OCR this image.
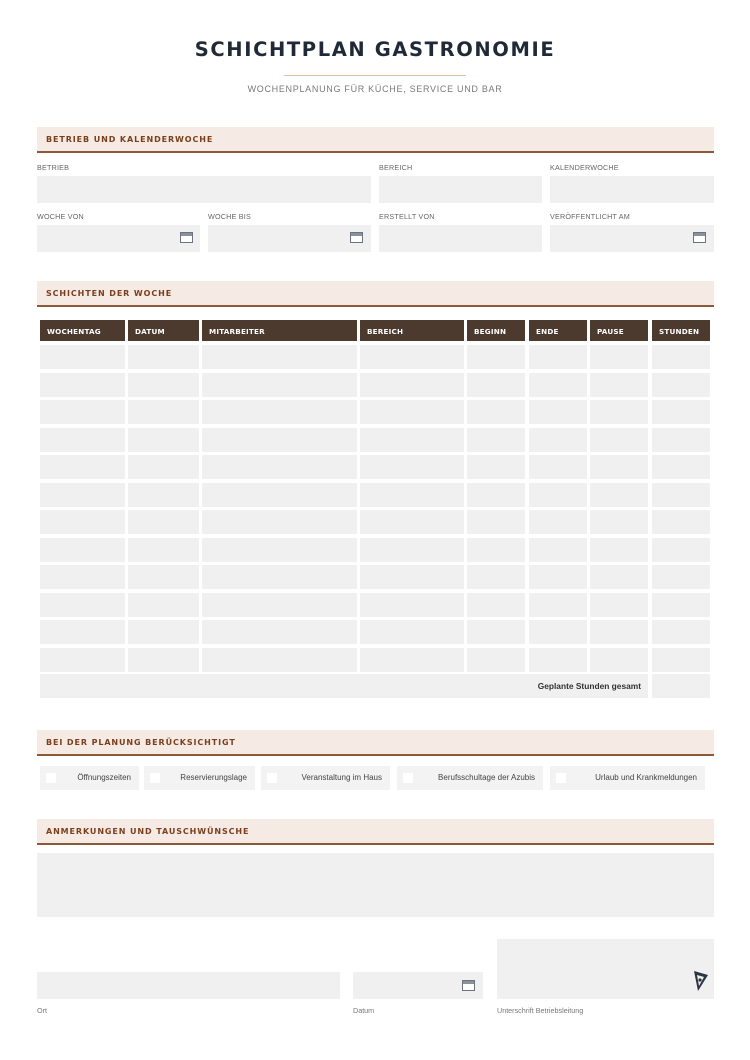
SCHICHTPLAN GASTRONOMIE
WOCHENPLANUNG FÜR KÜCHE, SERVICE UND BAR
BETRIEB UND KALENDERWOCHE
BETRIEB	BEREICH	KALENDERWOCHE
WOCHE VON	WOCHE BIS	ERSTELLT VON	VERÖFFENTLICHT AM
SCHICHTEN DER WOCHE
WOCHENTAG	DATUM	MITARBEITER	BEREICH	BEGINN	ENDE	PAUSE	STUNDEN
Geplante Stunden gesamt
BEI DER PLANUNG BERÜCKSICHTIGT
Öffnungszeiten	Reservierungslage	Veranstaltung im Haus	Berufsschultage der Azubis	Urlaub und Krankmeldungen
ANMERKUNGEN UND TAUSCHWÜNSCHE
Ort	Datum	Unterschrift Betriebsleitung
